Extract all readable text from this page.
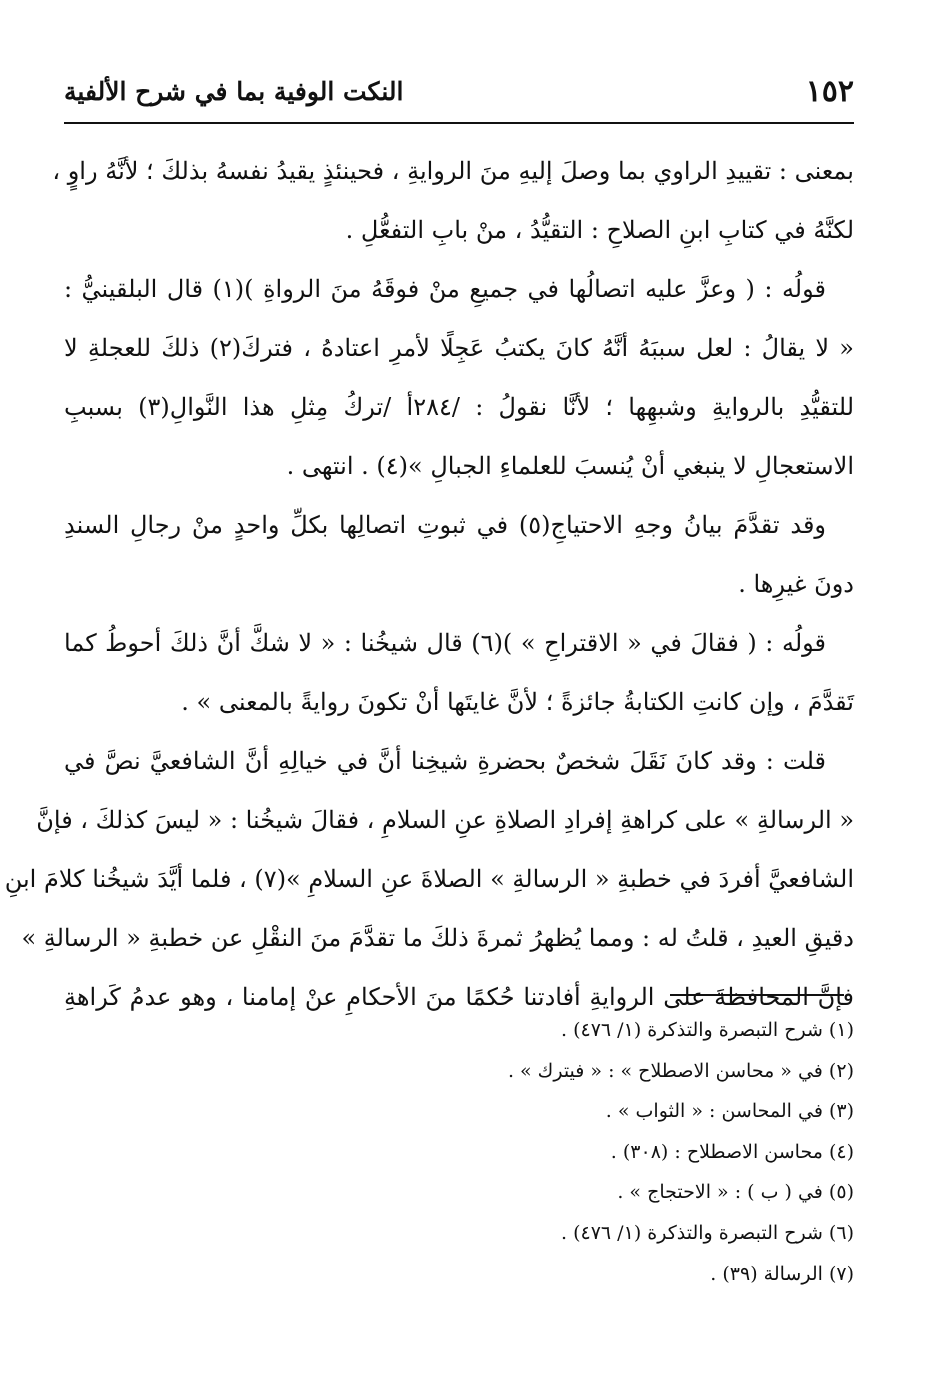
١٥٢
النكت الوفية بما في شرح الألفية
بمعنى : تقييدِ الراوي بما وصلَ إليهِ منَ الروايةِ ، فحينئذٍ يقيدُ نفسهُ بذلكَ ؛ لأنَّهُ راوٍ ،
لكنَّهُ في كتابِ ابنِ الصلاحِ : التقيُّدُ ، منْ بابِ التفعُّلِ .
قولُه : ( وعزَّ عليه اتصالُها في جميعِ منْ فوقَهُ منَ الرواةِ )(١) قال البلقينيُّ :
« لا يقالُ : لعل سببَهُ أنَّهُ كانَ يكتبُ عَجِلًا لأمرِ اعتادهُ ، فتركَ(٢) ذلكَ للعجلةِ لا
للتقيُّدِ بالروايةِ وشبهِها ؛ لأنَّا نقولُ : /٢٨٤أ /تركُ مِثلِ هذا النَّوالِ(٣) بسببِ
الاستعجالِ لا ينبغي أنْ يُنسبَ للعلماءِ الجبالِ »(٤) . انتهى .
وقد تقدَّمَ بيانُ وجهِ الاحتياجِ(٥) في ثبوتِ اتصالِها بكلِّ واحدٍ منْ رجالِ السندِ
دونَ غيرِها .
قولُه : ( فقالَ في « الاقتراحِ » )(٦) قال شيخُنا : « لا شكَّ أنَّ ذلكَ أحوطُ كما
تَقدَّمَ ، وإن كانتِ الكتابةُ جائزةً ؛ لأنَّ غايتَها أنْ تكونَ روايةً بالمعنى » .
قلت : وقد كانَ نَقَلَ شخصٌ بحضرةِ شيخِنا أنَّ في خيالِهِ أنَّ الشافعيَّ نصَّ في
« الرسالةِ » على كراهةِ إفرادِ الصلاةِ عنِ السلامِ ، فقالَ شيخُنا : « ليسَ كذلكَ ، فإنَّ
الشافعيَّ أفردَ في خطبةِ « الرسالةِ » الصلاةَ عنِ السلامِ »(٧) ، فلما أيَّدَ شيخُنا كلامَ ابنِ
دقيقِ العيدِ ، قلتُ له : ومما يُظهرُ ثمرةَ ذلكَ ما تقدَّمَ منَ النقْلِ عن خطبةِ « الرسالةِ »
فإنَّ المحافظةَ على الروايةِ أفادتنا حُكمًا منَ الأحكامِ عنْ إمامنا ، وهو عدمُ كَراهةِ
(١) شرح التبصرة والتذكرة (١/ ٤٧٦) .
(٢) في « محاسن الاصطلاح » : « فيترك » .
(٣) في المحاسن : « الثواب » .
(٤) محاسن الاصطلاح : (٣٠٨) .
(٥) في ( ب ) : « الاحتجاج » .
(٦) شرح التبصرة والتذكرة (١/ ٤٧٦) .
(٧) الرسالة (٣٩) .
